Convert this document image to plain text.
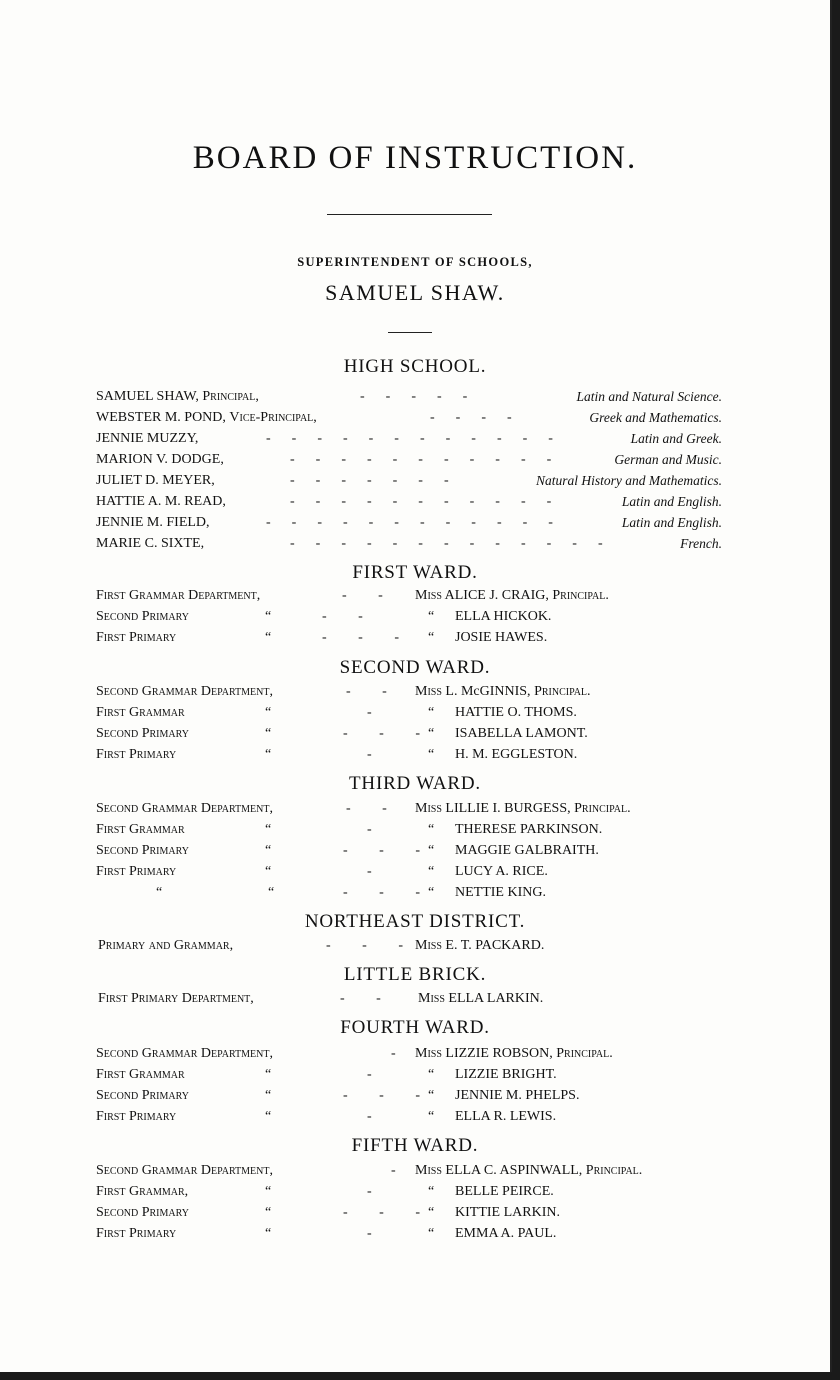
BOARD OF INSTRUCTION.
SUPERINTENDENT OF SCHOOLS,
SAMUEL SHAW.
HIGH SCHOOL.
SAMUEL SHAW, Principal,	-      -      -      -      -	Latin and Natural Science.
WEBSTER M. POND, Vice-Principal,	-      -      -      -	Greek and Mathematics.
JENNIE MUZZY,	-      -      -      -      -      -      -      -      -      -      -      -	Latin and Greek.
MARION V. DODGE,	-      -      -      -      -      -      -      -      -      -      -	German and Music.
JULIET D. MEYER,	-      -      -      -      -      -      -	Natural History and Mathematics.
HATTIE A. M. READ,	-      -      -      -      -      -      -      -      -      -      -	Latin and English.
JENNIE M. FIELD,	-      -      -      -      -      -      -      -      -      -      -      -	Latin and English.
MARIE C. SIXTE,	-      -      -      -      -      -      -      -      -      -      -      -      -	French.
FIRST WARD.
First Grammar Department,	-         - Miss ALICE J. CRAIG, Principal.
Second Primary	“	-         -	“ ELLA HICKOK.
First Primary	“	-         -         - “ JOSIE HAWES.
SECOND WARD.
Second Grammar Department,	-         - Miss L. McGINNIS, Principal.
First Grammar	“	-	“ HATTIE O. THOMS.
Second Primary	“	-         -         - “ ISABELLA LAMONT.
First Primary	“	-	“ H. M. EGGLESTON.
THIRD WARD.
Second Grammar Department,	-         - Miss LILLIE I. BURGESS, Principal.
First Grammar	“	-	“ THERESE PARKINSON.
Second Primary	“	-         -         - “ MAGGIE GALBRAITH.
First Primary	“	-	“ LUCY A. RICE.
“	“	-         -         - “ NETTIE KING.
NORTHEAST DISTRICT.
Primary and Grammar,	-         -         - Miss E. T. PACKARD.
LITTLE BRICK.
First Primary Department,	-         -	Miss ELLA LARKIN.
FOURTH WARD.
Second Grammar Department,	- Miss LIZZIE ROBSON, Principal.
First Grammar	“	-	“ LIZZIE BRIGHT.
Second Primary	“	-         -         - “ JENNIE M. PHELPS.
First Primary	“	-	“ ELLA R. LEWIS.
FIFTH WARD.
Second Grammar Department,	- Miss ELLA C. ASPINWALL, Principal.
First Grammar,	“	-	“ BELLE PEIRCE.
Second Primary	“	-         -         - “ KITTIE LARKIN.
First Primary	“	-	“ EMMA A. PAUL.
